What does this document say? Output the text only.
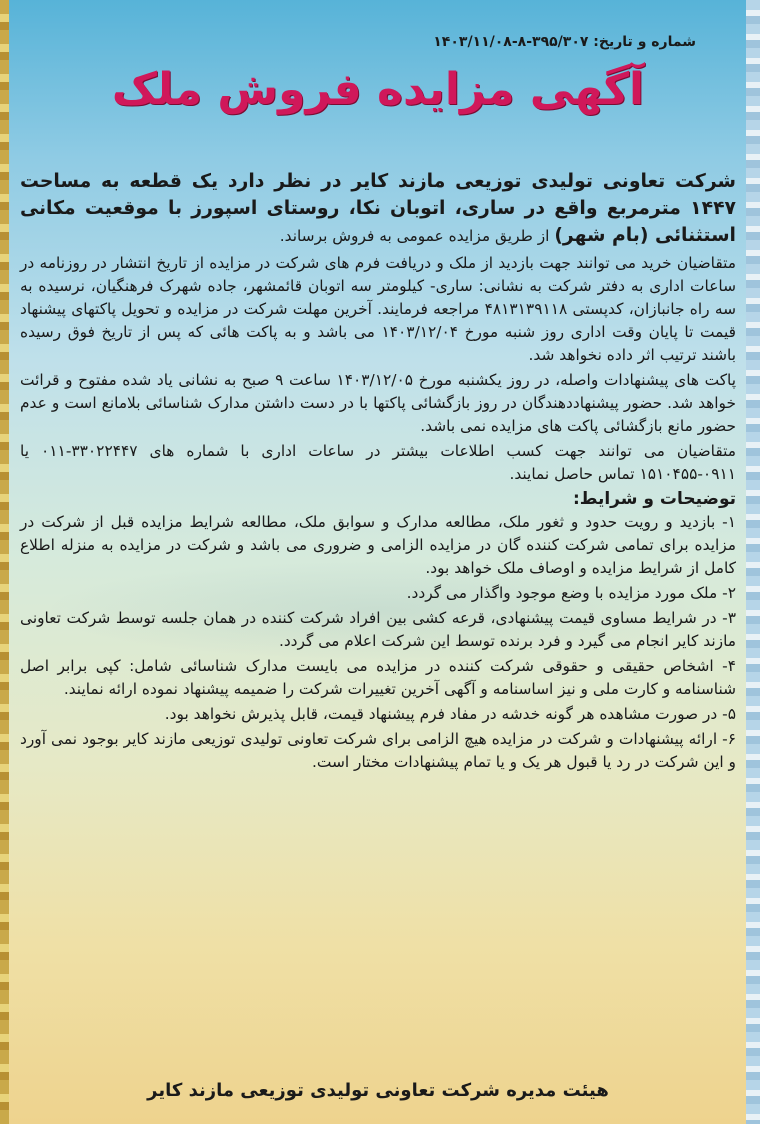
شماره و تاریخ: ۳۹۵/۳۰۷-۸-۱۴۰۳/۱۱/۰۸
آگهی مزایده فروش ملک

شرکت تعاونی تولیدی توزیعی مازند کایر در نظر دارد یک قطعه به مساحت ۱۴۴۷ مترمربع واقع در ساری، اتوبان نکا، روستای اسپورز با موقعیت مکانی استثنائی (بام شهر) از طریق مزایده عمومی به فروش برساند.

متقاضیان خرید می توانند جهت بازدید از ملک و دریافت فرم های شرکت در مزایده از تاریخ انتشار در روزنامه در ساعات اداری به دفتر شرکت به نشانی: ساری- کیلومتر سه اتوبان قائمشهر، جاده شهرک فرهنگیان، نرسیده به سه راه جانبازان، کدپستی ۴۸۱۳۱۳۹۱۱۸ مراجعه فرمایند. آخرین مهلت شرکت در مزایده و تحویل پاکتهای پیشنهاد قیمت تا پایان وقت اداری روز شنبه مورخ ۱۴۰۳/۱۲/۰۴ می باشد و به پاکت هائی که پس از تاریخ فوق رسیده باشند ترتیب اثر داده نخواهد شد.

پاکت های پیشنهادات واصله، در روز یکشنبه مورخ ۱۴۰۳/۱۲/۰۵ ساعت ۹ صبح به نشانی یاد شده مفتوح و قرائت خواهد شد. حضور پیشنهاددهندگان در روز بازگشائی پاکتها با در دست داشتن مدارک شناسائی بلامانع است و عدم حضور مانع بازگشائی پاکت های مزایده نمی باشد.

متقاضیان می توانند جهت کسب اطلاعات بیشتر در ساعات اداری با شماره های ۳۳۰۲۲۴۴۷-۰۱۱ یا ۰۹۱۱-۱۵۱۰۴۵۵ تماس حاصل نمایند.

توضیحات و شرایط:

۱- بازدید و رویت حدود و ثغور ملک، مطالعه مدارک و سوابق ملک، مطالعه شرایط مزایده قبل از شرکت در مزایده برای تمامی شرکت کننده گان در مزایده الزامی و ضروری می باشد و شرکت در مزایده به منزله اطلاع کامل از شرایط مزایده و اوصاف ملک خواهد بود.

۲- ملک مورد مزایده با وضع موجود واگذار می گردد.

۳- در شرایط مساوی قیمت پیشنهادی، قرعه کشی بین افراد شرکت کننده در همان جلسه توسط شرکت تعاونی مازند کایر انجام می گیرد و فرد برنده توسط این شرکت اعلام می گردد.

۴- اشخاص حقیقی و حقوقی شرکت کننده در مزایده می بایست مدارک شناسائی شامل: کپی برابر اصل شناسنامه و کارت ملی و نیز اساسنامه و آگهی آخرین تغییرات شرکت را ضمیمه پیشنهاد نموده ارائه نمایند.

۵- در صورت مشاهده هر گونه خدشه در مفاد فرم پیشنهاد قیمت، قابل پذیرش نخواهد بود.

۶- ارائه پیشنهادات و شرکت در مزایده هیچ الزامی برای شرکت تعاونی تولیدی توزیعی مازند کایر بوجود نمی آورد و این شرکت در رد یا قبول هر یک و یا تمام پیشنهادات مختار است.

هیئت مدیره شرکت تعاونی تولیدی توزیعی مازند کایر
